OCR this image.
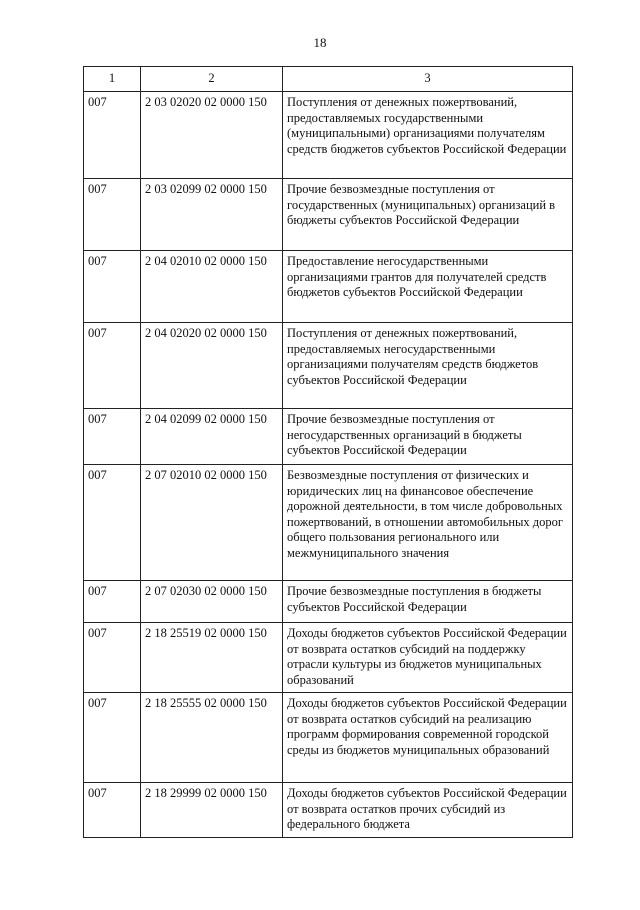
18
1	2	3
007	2 03 02020 02 0000 150	Поступления от денежных пожертвований, предоставляемых государственными (муниципальными) организациями получателям средств бюджетов субъектов Российской Федерации
007	2 03 02099 02 0000 150	Прочие безвозмездные поступления от государственных (муниципальных) организаций в бюджеты субъектов Российской Федерации
007	2 04 02010 02 0000 150	Предоставление негосударственными организациями грантов для получателей средств бюджетов субъектов Российской Федерации
007	2 04 02020 02 0000 150	Поступления от денежных пожертвований, предоставляемых негосударственными организациями получателям средств бюджетов субъектов Российской Федерации
007	2 04 02099 02 0000 150	Прочие безвозмездные поступления от негосударственных организаций в бюджеты субъектов Российской Федерации
007	2 07 02010 02 0000 150	Безвозмездные поступления от физических и юридических лиц на финансовое обеспечение дорожной деятельности, в том числе добровольных пожертвований, в отношении автомобильных дорог общего пользования регионального или межмуниципального значения
007	2 07 02030 02 0000 150	Прочие безвозмездные поступления в бюджеты субъектов Российской Федерации
007	2 18 25519 02 0000 150	Доходы бюджетов субъектов Российской Федерации от возврата остатков субсидий на поддержку отрасли культуры из бюджетов муниципальных образований
007	2 18 25555 02 0000 150	Доходы бюджетов субъектов Российской Федерации от возврата остатков субсидий на реализацию программ формирования современной городской среды из бюджетов муниципальных образований
007	2 18 29999 02 0000 150	Доходы бюджетов субъектов Российской Федерации от возврата остатков прочих субсидий из федерального бюджета
